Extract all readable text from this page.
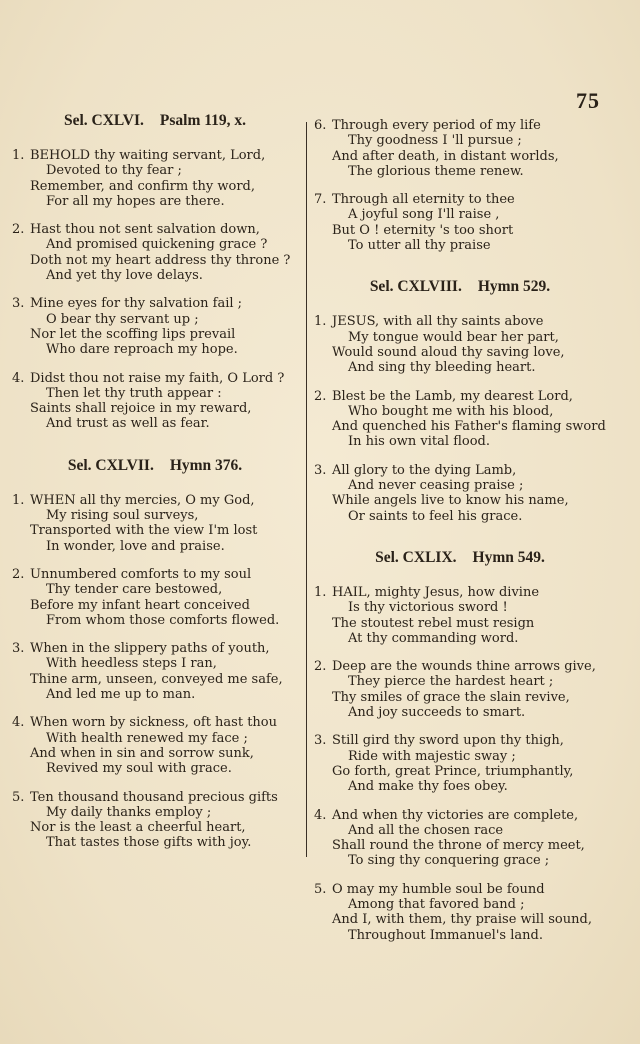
75
Sel. CXLVI. Psalm 119, x.
1. BEHOLD thy waiting servant, Lord,
Devoted to thy fear ;
Remember, and confirm thy word,
For all my hopes are there.
2. Hast thou not sent salvation down,
And promised quickening grace ?
Doth not my heart address thy throne ?
And yet thy love delays.
3. Mine eyes for thy salvation fail ;
O bear thy servant up ;
Nor let the scoffing lips prevail
Who dare reproach my hope.
4. Didst thou not raise my faith, O Lord ?
Then let thy truth appear :
Saints shall rejoice in my reward,
And trust as well as fear.
Sel. CXLVII. Hymn 376.
1. WHEN all thy mercies, O my God,
My rising soul surveys,
Transported with the view I'm lost
In wonder, love and praise.
2. Unnumbered comforts to my soul
Thy tender care bestowed,
Before my infant heart conceived
From whom those comforts flowed.
3. When in the slippery paths of youth,
With heedless steps I ran,
Thine arm, unseen, conveyed me safe,
And led me up to man.
4. When worn by sickness, oft hast thou
With health renewed my face ;
And when in sin and sorrow sunk,
Revived my soul with grace.
5. Ten thousand thousand precious gifts
My daily thanks employ ;
Nor is the least a cheerful heart,
That tastes those gifts with joy.
6. Through every period of my life
Thy goodness I 'll pursue ;
And after death, in distant worlds,
The glorious theme renew.
7. Through all eternity to thee
A joyful song I'll raise ,
But O ! eternity 's too short
To utter all thy praise
Sel. CXLVIII. Hymn 529.
1. JESUS, with all thy saints above
My tongue would bear her part,
Would sound aloud thy saving love,
And sing thy bleeding heart.
2. Blest be the Lamb, my dearest Lord,
Who bought me with his blood,
And quenched his Father's flaming sword
In his own vital flood.
3. All glory to the dying Lamb,
And never ceasing praise ;
While angels live to know his name,
Or saints to feel his grace.
Sel. CXLIX. Hymn 549.
1. HAIL, mighty Jesus, how divine
Is thy victorious sword !
The stoutest rebel must resign
At thy commanding word.
2. Deep are the wounds thine arrows give,
They pierce the hardest heart ;
Thy smiles of grace the slain revive,
And joy succeeds to smart.
3. Still gird thy sword upon thy thigh,
Ride with majestic sway ;
Go forth, great Prince, triumphantly,
And make thy foes obey.
4. And when thy victories are complete,
And all the chosen race
Shall round the throne of mercy meet,
To sing thy conquering grace ;
5. O may my humble soul be found
Among that favored band ;
And I, with them, thy praise will sound,
Throughout Immanuel's land.
